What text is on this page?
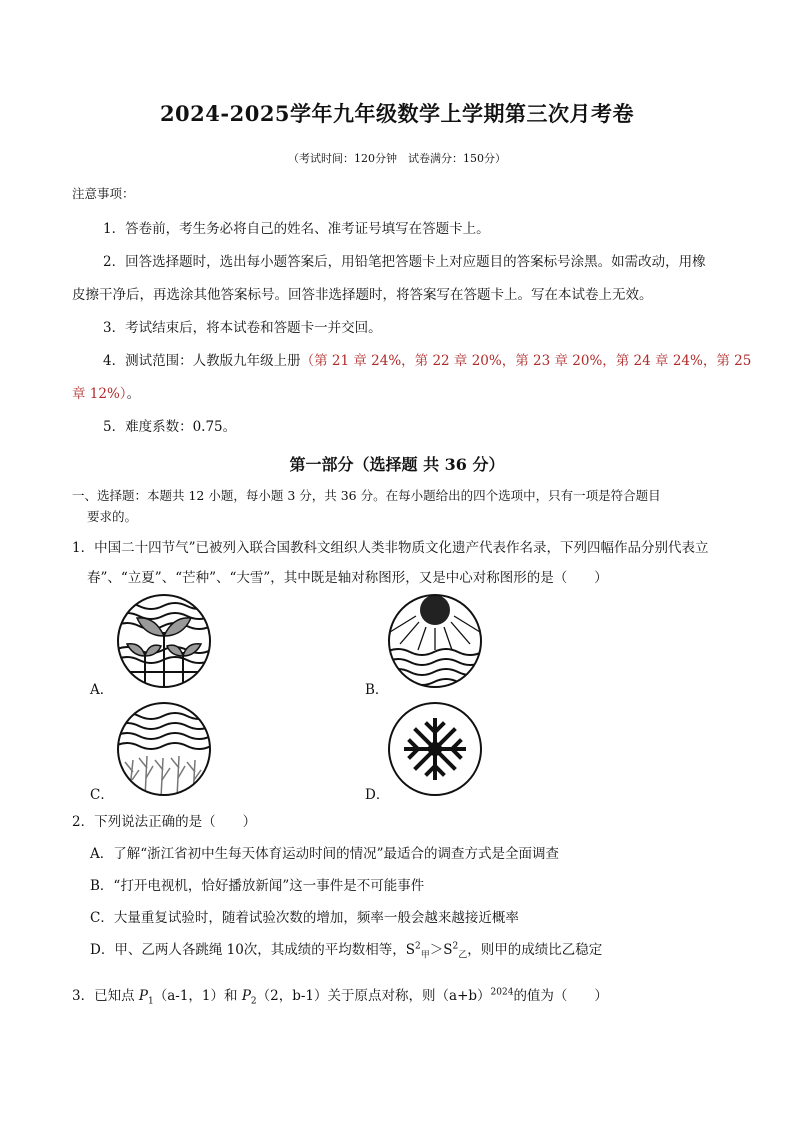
2024-2025学年九年级数学上学期第三次月考卷
（考试时间：120分钟　试卷满分：150分）
注意事项：
1．答卷前，考生务必将自己的姓名、准考证号填写在答题卡上。
2．回答选择题时，选出每小题答案后，用铅笔把答题卡上对应题目的答案标号涂黑。如需改动，用橡
皮擦干净后，再选涂其他答案标号。回答非选择题时，将答案写在答题卡上。写在本试卷上无效。
3．考试结束后，将本试卷和答题卡一并交回。
4．测试范围：人教版九年级上册（第 21 章 24%，第 22 章 20%，第 23 章 20%，第 24 章 24%，第 25
章 12%）。
5．难度系数：0.75。
第一部分（选择题 共 36 分）
一、选择题：本题共 12 小题，每小题 3 分，共 36 分。在每小题给出的四个选项中，只有一项是符合题目
要求的。
1．中国二十四节气”已被列入联合国教科文组织人类非物质文化遗产代表作名录，下列四幅作品分别代表立
春”、“立夏”、“芒种”、“大雪”，其中既是轴对称图形，又是中心对称图形的是（　　）
A．	B．
C．	D．
2．下列说法正确的是（　　）
A．了解“浙江省初中生每天体育运动时间的情况”最适合的调查方式是全面调查
B．“打开电视机，恰好播放新闻”这一事件是不可能事件
C．大量重复试验时，随着试验次数的增加，频率一般会越来越接近概率
D．甲、乙两人各跳绳 10次，其成绩的平均数相等，$S^2_甲>S^2_乙$，则甲的成绩比乙稳定
3．已知点 $P_1(a-1$，1）和 $P_2(2$，b-1）关于原点对称，则$(a+b)^{2024}$的值为（　　）
